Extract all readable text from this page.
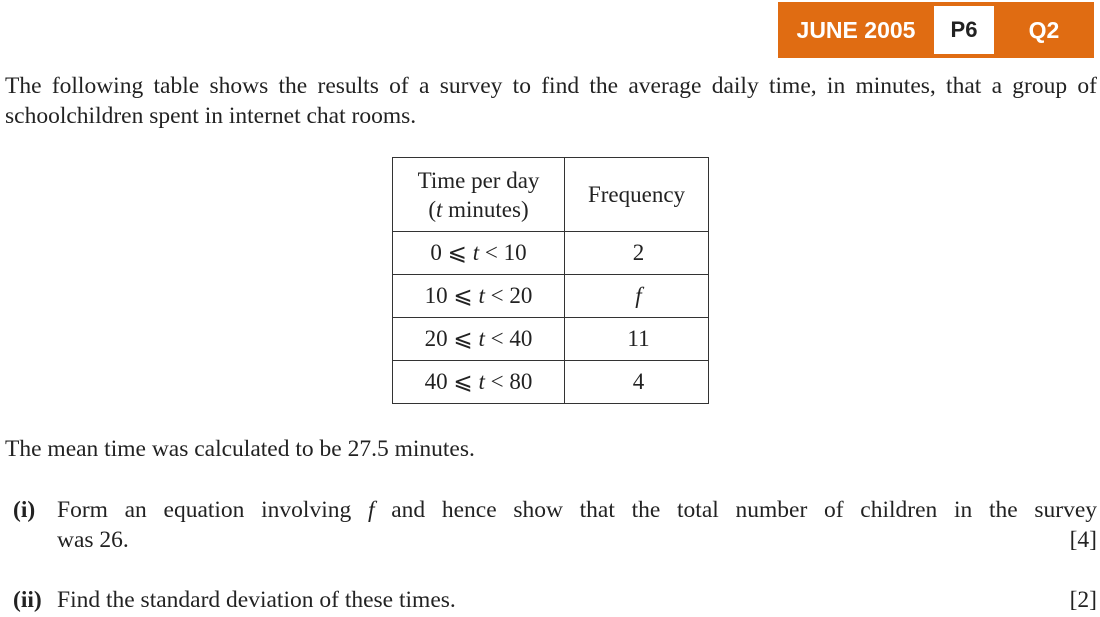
JUNE 2005	P6	Q2
The following table shows the results of a survey to find the average daily time, in minutes, that a group of schoolchildren spent in internet chat rooms.
Time per day
(t minutes)	Frequency
0 ⩽ t < 10	2
10 ⩽ t < 20	f
20 ⩽ t < 40	11
40 ⩽ t < 80	4
The mean time was calculated to be 27.5 minutes.
(i) Form an equation involving f and hence show that the total number of children in the survey
was 26.	[4]
(ii) Find the standard deviation of these times.	[2]
